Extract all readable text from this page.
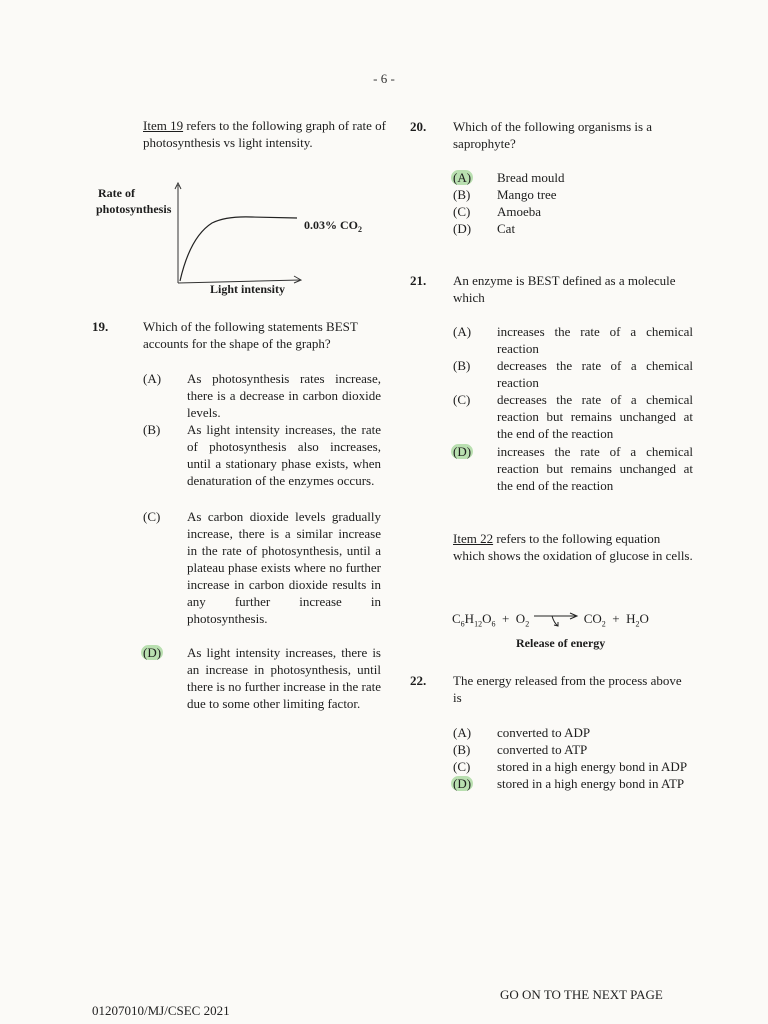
- 6 -
Item 19 refers to the following graph of rate of photosynthesis vs light intensity.
Rate of
photosynthesis
0.03% $CO_2$
Light intensity
19.	Which of the following statements BEST accounts for the shape of the graph?
(A)	As photosynthesis rates increase, there is a decrease in carbon dioxide levels.
(B)	As light intensity increases, the rate of photosynthesis also increases, until a stationary phase exists, when denaturation of the enzymes occurs.
(C)	As carbon dioxide levels gradually increase, there is a similar increase in the rate of photosynthesis, until a plateau phase exists where no further increase in carbon dioxide results in any further increase in photosynthesis.
(D)	As light intensity increases, there is an increase in photosynthesis, until there is no further increase in the rate due to some other limiting factor.
20. Which of the following organisms is a saprophyte?
(A)	Bread mould
(B)	Mango tree
(C)	Amoeba
(D)	Cat
21. An enzyme is BEST defined as a molecule which
(A)	increases the rate of a chemical reaction
(B)	decreases the rate of a chemical reaction
(C)	decreases the rate of a chemical reaction but remains unchanged at the end of the reaction
(D)	increases the rate of a chemical reaction but remains unchanged at the end of the reaction
Item 22 refers to the following equation which shows the oxidation of glucose in cells.
$C_6H_{12}O_6 + O_2$	$CO_2 + H_2O$
Release of energy
22. The energy released from the process above is
(A)	converted to ADP
(B)	converted to ATP
(C)	stored in a high energy bond in ADP
(D)	stored in a high energy bond in ATP
GO ON TO THE NEXT PAGE
01207010/MJ/CSEC 2021
